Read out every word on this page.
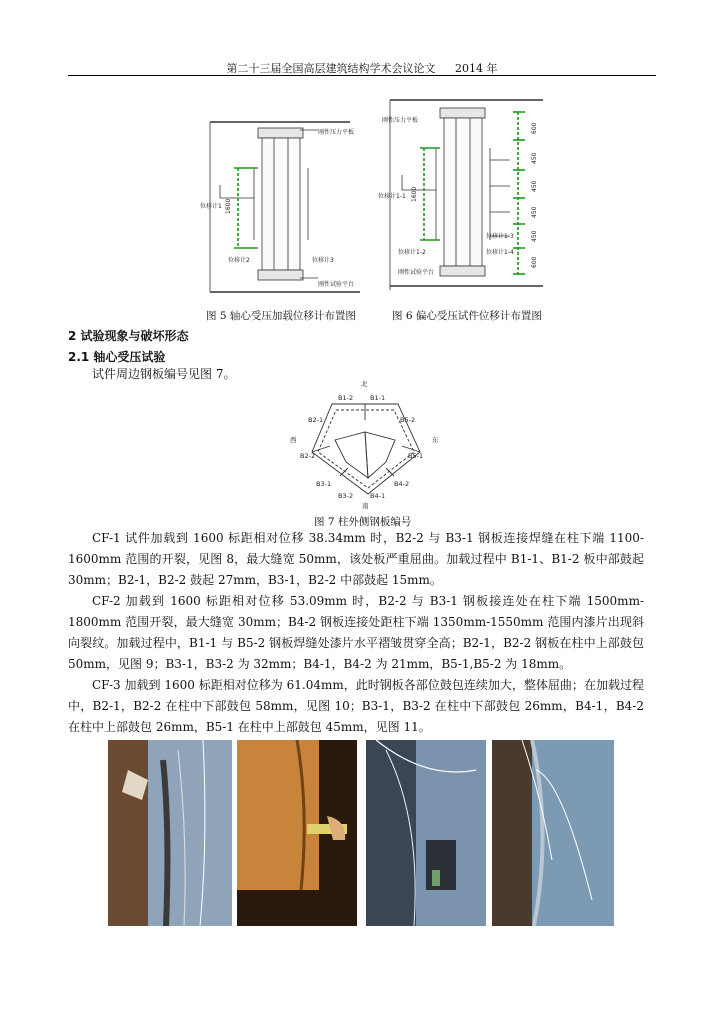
第二十三届全国高层建筑结构学术会议论文 2014 年
刚性压力平板
位移计1 1600
位移计2	位移计3
刚性试验平台
刚性压力平板
位移计1-1 1600
位移计1-2
位移计1-3
位移计1-4
刚性试验平台
600
450
450
450
450
600
图 5 轴心受压加载位移计布置图	图 6 偏心受压试件位移计布置图
2 试验现象与破坏形态
2.1 轴心受压试验
试件周边钢板编号见图 7。
北
B1-2	B1-1
B2-1	B5-2
西	东
B2-2	B5-1
B3-1	B4-2
B3-2	B4-1
南
图 7 柱外侧钢板编号
CF-1 试件加载到 1600 标距相对位移 38.34mm 时，B2-2 与 B3-1 钢板连接焊缝在柱下端 1100-1600mm 范围的开裂，见图 8，最大缝宽 50mm，该处板严重屈曲。加载过程中 B1-1、B1-2 板中部鼓起 30mm；B2-1，B2-2 鼓起 27mm，B3-1，B2-2 中部鼓起 15mm。
CF-2 加载到 1600 标距相对位移 53.09mm 时，B2-2 与 B3-1 钢板接连处在柱下端 1500mm-1800mm 范围开裂，最大缝宽 30mm；B4-2 钢板连接处距柱下端 1350mm-1550mm 范围内漆片出现斜向裂纹。加载过程中，B1-1 与 B5-2 钢板焊缝处漆片水平褶皱贯穿全高；B2-1，B2-2 钢板在柱中上部鼓包 50mm，见图 9；B3-1，B3-2 为 32mm；B4-1，B4-2 为 21mm，B5-1,B5-2 为 18mm。
CF-3 加载到 1600 标距相对位移为 61.04mm，此时钢板各部位鼓包连续加大，整体屈曲；在加载过程中，B2-1，B2-2 在柱中下部鼓包 58mm，见图 10；B3-1，B3-2 在柱中下部鼓包 26mm，B4-1，B4-2 在柱中上部鼓包 26mm，B5-1 在柱中上部鼓包 45mm，见图 11。
